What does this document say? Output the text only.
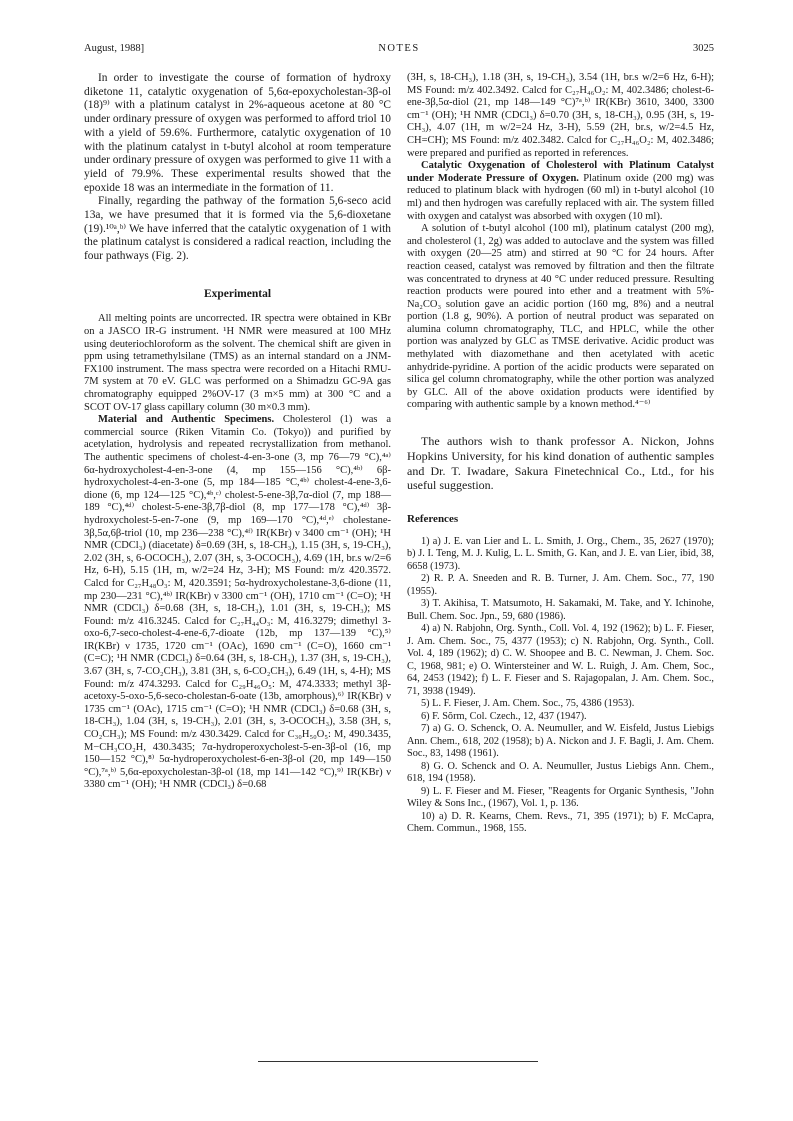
August, 1988]	NOTES	3025

In order to investigate the course of formation of hydroxy diketone 11, catalytic oxygenation of 5,6α-epoxycholestan-3β-ol (18)⁹⁾ with a platinum catalyst in 2%-aqueous acetone at 80 °C under ordinary pressure of oxygen was performed to afford triol 10 with a yield of 59.6%. Furthermore, catalytic oxygenation of 10 with the platinum catalyst in t-butyl alcohol at room temperature under ordinary pressure of oxygen was performed to give 11 with a yield of 79.9%. These experimental results showed that the epoxide 18 was an intermediate in the formation of 11.

Finally, regarding the pathway of the formation 5,6-seco acid 13a, we have presumed that it is formed via the 5,6-dioxetane (19).¹⁰ᵃ,ᵇ⁾ We have inferred that the catalytic oxygenation of 1 with the platinum catalyst is considered a radical reaction, including the four pathways (Fig. 2).

Experimental

All melting points are uncorrected. IR spectra were obtained in KBr on a JASCO IR-G instrument. ¹H NMR were measured at 100 MHz using deuteriochloroform as the solvent. The chemical shift are given in ppm using tetramethylsilane (TMS) as an internal standard on a JNM-FX100 instrument. The mass spectra were recorded on a Hitachi RMU-7M system at 70 eV. GLC was performed on a Shimadzu GC-9A gas chromatography equipped 2%OV-17 (3 m×5 mm) at 300 °C and a SCOT OV-17 glass capillary column (30 m×0.3 mm).

Material and Authentic Specimens. Cholesterol (1) was a commercial source (Riken Vitamin Co. (Tokyo)) and purified by acetylation, hydrolysis and repeated recrystallization from methanol. The authentic specimens of cholest-4-en-3-one (3, mp 76—79 °C),⁴ᵃ⁾ 6α-hydroxycholest-4-en-3-one (4, mp 155—156 °C),⁴ᵇ⁾ 6β-hydroxycholest-4-en-3-one (5, mp 184—185 °C,⁴ᵇ⁾ cholest-4-ene-3,6-dione (6, mp 124—125 °C),⁴ᵇ,ᶜ⁾ cholest-5-ene-3β,7α-diol (7, mp 188—189 °C),⁴ᵈ⁾ cholest-5-ene-3β,7β-diol (8, mp 177—178 °C),⁴ᵈ⁾ 3β-hydroxycholest-5-en-7-one (9, mp 169—170 °C),⁴ᵈ,ᵉ⁾ cholestane-3β,5α,6β-triol (10, mp 236—238 °C),⁴ᶠ⁾ IR(KBr) ν 3400 cm⁻¹ (OH); ¹H NMR (CDCl₃) (diacetate) δ=0.69 (3H, s, 18-CH₃), 1.15 (3H, s, 19-CH₃), 2.02 (3H, s, 6-OCOCH₃), 2.07 (3H, s, 3-OCOCH₃), 4.69 (1H, br.s w/2=6 Hz, 6-H), 5.15 (1H, m, w/2=24 Hz, 3-H); MS Found: m/z 420.3572. Calcd for C₂₇H₄₈O₃: M, 420.3591; 5α-hydroxycholestane-3,6-dione (11, mp 230—231 °C),⁴ᵇ⁾ IR(KBr) ν 3300 cm⁻¹ (OH), 1710 cm⁻¹ (C=O); ¹H NMR (CDCl₃) δ=0.68 (3H, s, 18-CH₃), 1.01 (3H, s, 19-CH₃); MS Found: m/z 416.3245. Calcd for C₂₇H₄₄O₃: M, 416.3279; dimethyl 3-oxo-6,7-seco-cholest-4-ene-6,7-dioate (12b, mp 137—139 °C),⁵⁾ IR(KBr) ν 1735, 1720 cm⁻¹ (OAc), 1690 cm⁻¹ (C=O), 1660 cm⁻¹ (C=C); ¹H NMR (CDCl₃) δ=0.64 (3H, s, 18-CH₃), 1.37 (3H, s, 19-CH₃), 3.67 (3H, s, 7-CO₂CH₃), 3.81 (3H, s, 6-CO₂CH₃), 6.49 (1H, s, 4-H); MS Found: m/z 474.3293. Calcd for C₂₉H₄₆O₅: M, 474.3333; methyl 3β-acetoxy-5-oxo-5,6-seco-cholestan-6-oate (13b, amorphous),⁶⁾ IR(KBr) ν 1735 cm⁻¹ (OAc), 1715 cm⁻¹ (C=O); ¹H NMR (CDCl₃) δ=0.68 (3H, s, 18-CH₃), 1.04 (3H, s, 19-CH₃), 2.01 (3H, s, 3-OCOCH₃), 3.58 (3H, s, CO₂CH₃); MS Found: m/z 430.3429. Calcd for C₃₀H₅₀O₅: M, 490.3435, M−CH₃CO₂H, 430.3435; 7α-hydroperoxycholest-5-en-3β-ol (16, mp 150—152 °C),⁸⁾ 5α-hydroperoxycholest-6-en-3β-ol (20, mp 149—150 °C),⁷ᵃ,ᵇ⁾ 5,6α-epoxycholestan-3β-ol (18, mp 141—142 °C),⁹⁾ IR(KBr) ν 3380 cm⁻¹ (OH); ¹H NMR (CDCl₃) δ=0.68

(3H, s, 18-CH₃), 1.18 (3H, s, 19-CH₃), 3.54 (1H, br.s w/2=6 Hz, 6-H); MS Found: m/z 402.3492. Calcd for C₂₇H₄₆O₂: M, 402.3486; cholest-6-ene-3β,5α-diol (21, mp 148—149 °C)⁷ᵃ,ᵇ⁾ IR(KBr) 3610, 3400, 3300 cm⁻¹ (OH); ¹H NMR (CDCl₃) δ=0.70 (3H, s, 18-CH₃), 0.95 (3H, s, 19-CH₃), 4.07 (1H, m w/2=24 Hz, 3-H), 5.59 (2H, br.s, w/2=4.5 Hz, CH=CH); MS Found: m/z 402.3482. Calcd for C₂₇H₄₆O₂: M, 402.3486; were prepared and purified as reported in references.

Catalytic Oxygenation of Cholesterol with Platinum Catalyst under Moderate Pressure of Oxygen. Platinum oxide (200 mg) was reduced to platinum black with hydrogen (60 ml) in t-butyl alcohol (10 ml) and then hydrogen was carefully replaced with air. The system filled with oxygen and catalyst was absorbed with oxygen (10 ml).

A solution of t-butyl alcohol (100 ml), platinum catalyst (200 mg), and cholesterol (1, 2g) was added to autoclave and the system was filled with oxygen (20—25 atm) and stirred at 90 °C for 24 hours. After reaction ceased, catalyst was removed by filtration and then the filtrate was concentrated to dryness at 40 °C under reduced pressure. Resulting reaction products were poured into ether and a treatment with 5%-Na₂CO₃ solution gave an acidic portion (160 mg, 8%) and a neutral portion (1.8 g, 90%). A portion of neutral product was separated on alumina column chromatography, TLC, and HPLC, while the other portion was analyzed by GLC as TMSE derivative. Acidic product was methylated with diazomethane and then acetylated with acetic anhydride-pyridine. A portion of the acidic products were separated on silica gel column chromatography, while the other portion was analyzed by GLC. All of the above oxidation products were identified by comparing with authentic sample by a known method.⁴⁻⁶⁾

The authors wish to thank professor A. Nickon, Johns Hopkins University, for his kind donation of authentic samples and Dr. T. Iwadare, Sakura Finetechnical Co., Ltd., for his useful suggestion.

References

1) a) J. E. van Lier and L. L. Smith, J. Org., Chem., 35, 2627 (1970); b) J. I. Teng, M. J. Kulig, L. L. Smith, G. Kan, and J. E. van Lier, ibid, 38, 6658 (1973).

2) R. P. A. Sneeden and R. B. Turner, J. Am. Chem. Soc., 77, 190 (1955).

3) T. Akihisa, T. Matsumoto, H. Sakamaki, M. Take, and Y. Ichinohe, Bull. Chem. Soc. Jpn., 59, 680 (1986).

4) a) N. Rabjohn, Org. Synth., Coll. Vol. 4, 192 (1962); b) L. F. Fieser, J. Am. Chem. Soc., 75, 4377 (1953); c) N. Rabjohn, Org. Synth., Coll. Vol. 4, 189 (1962); d) C. W. Shoopee and B. C. Newman, J. Chem. Soc. C, 1968, 981; e) O. Wintersteiner and W. L. Ruigh, J. Am. Chem, Soc., 64, 2453 (1942); f) L. F. Fieser and S. Rajagopalan, J. Am. Chem. Soc., 71, 3938 (1949).

5) L. F. Fieser, J. Am. Chem. Soc., 75, 4386 (1953).

6) F. Sŏrm, Col. Czech., 12, 437 (1947).

7) a) G. O. Schenck, O. A. Neumuller, and W. Eisfeld, Justus Liebigs Ann. Chem., 618, 202 (1958); b) A. Nickon and J. F. Bagli, J. Am. Chem. Soc., 83, 1498 (1961).

8) G. O. Schenck and O. A. Neumuller, Justus Liebigs Ann. Chem., 618, 194 (1958).

9) L. F. Fieser and M. Fieser, "Reagents for Organic Synthesis, "John Wiley & Sons Inc., (1967), Vol. 1, p. 136.

10) a) D. R. Kearns, Chem. Revs., 71, 395 (1971); b) F. McCapra, Chem. Commun., 1968, 155.
